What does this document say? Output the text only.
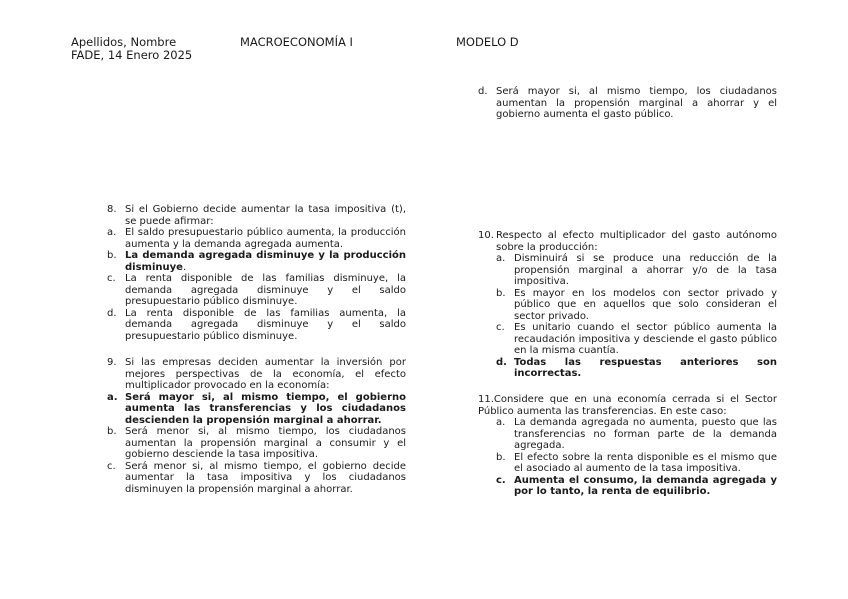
Apellidos, Nombre
FADE, 14 Enero 2025
MACROECONOMÍA I	MODELO D
d. Será mayor si, al mismo tiempo, los ciudadanos aumentan la propensión marginal a ahorrar y el gobierno aumenta el gasto público.
8. Si el Gobierno decide aumentar la tasa impositiva (t), se puede afirmar:
a. El saldo presupuestario público aumenta, la producción aumenta y la demanda agregada aumenta.
b. La demanda agregada disminuye y la producción disminuye.
c. La renta disponible de las familias disminuye, la demanda agregada disminuye y el saldo presupuestario público disminuye.
d. La renta disponible de las familias aumenta, la demanda agregada disminuye y el saldo presupuestario público disminuye.
9. Si las empresas deciden aumentar la inversión por mejores perspectivas de la economía, el efecto multiplicador provocado en la economía:
a. Será mayor si, al mismo tiempo, el gobierno aumenta las transferencias y los ciudadanos descienden la propensión marginal a ahorrar.
b. Será menor si, al mismo tiempo, los ciudadanos aumentan la propensión marginal a consumir y el gobierno desciende la tasa impositiva.
c. Será menor si, al mismo tiempo, el gobierno decide aumentar la tasa impositiva y los ciudadanos disminuyen la propensión marginal a ahorrar.
10. Respecto al efecto multiplicador del gasto autónomo sobre la producción:
a. Disminuirá si se produce una reducción de la propensión marginal a ahorrar y/o de la tasa impositiva.
b. Es mayor en los modelos con sector privado y público que en aquellos que solo consideran el sector privado.
c. Es unitario cuando el sector público aumenta la recaudación impositiva y desciende el gasto público en la misma cuantía.
d. Todas las respuestas anteriores son incorrectas.
11.Considere que en una economía cerrada si el Sector Público aumenta las transferencias. En este caso:
a. La demanda agregada no aumenta, puesto que las transferencias no forman parte de la demanda agregada.
b. El efecto sobre la renta disponible es el mismo que el asociado al aumento de la tasa impositiva.
c. Aumenta el consumo, la demanda agregada y por lo tanto, la renta de equilibrio.
